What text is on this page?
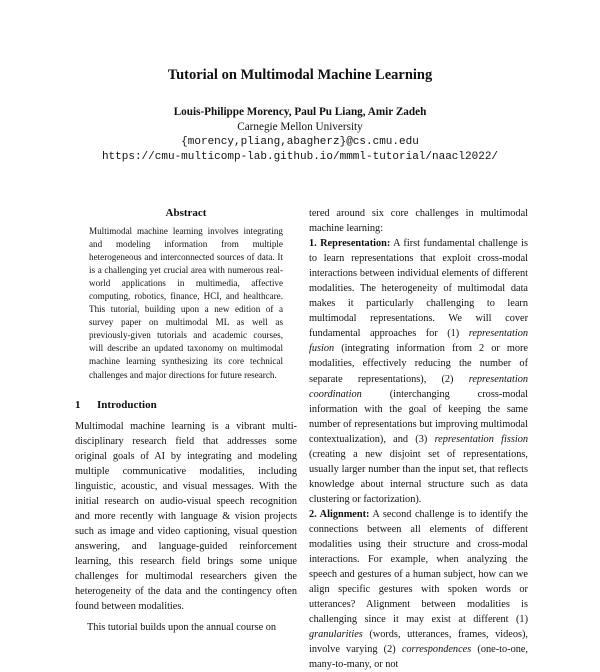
Tutorial on Multimodal Machine Learning
Louis-Philippe Morency, Paul Pu Liang, Amir Zadeh
Carnegie Mellon University
{morency,pliang,abagherz}@cs.cmu.edu
https://cmu-multicomp-lab.github.io/mmml-tutorial/naacl2022/
Abstract

Multimodal machine learning involves integrating and modeling information from multiple heterogeneous and interconnected sources of data. It is a challenging yet crucial area with numerous real-world applications in multimedia, affective computing, robotics, finance, HCI, and healthcare. This tutorial, building upon a new edition of a survey paper on multimodal ML as well as previously-given tutorials and academic courses, will describe an updated taxonomy on multimodal machine learning synthesizing its core technical challenges and major directions for future research.

1 Introduction

Multimodal machine learning is a vibrant multi-disciplinary research field that addresses some original goals of AI by integrating and modeling multiple communicative modalities, including linguistic, acoustic, and visual messages. With the initial research on audio-visual speech recognition and more recently with language & vision projects such as image and video captioning, visual question answering, and language-guided reinforcement learning, this research field brings some unique challenges for multimodal researchers given the heterogeneity of the data and the contingency often found between modalities.

This tutorial builds upon the annual course on

tered around six core challenges in multimodal machine learning:

1. Representation: A first fundamental challenge is to learn representations that exploit cross-modal interactions between individual elements of different modalities. The heterogeneity of multimodal data makes it particularly challenging to learn multimodal representations. We will cover fundamental approaches for (1) representation fusion (integrating information from 2 or more modalities, effectively reducing the number of separate representations), (2) representation coordination	(interchanging cross-modal information with the goal of keeping the same number of representations but improving multimodal contextualization), and (3) representation fission (creating a new disjoint set of representations, usually larger number than the input set, that reflects knowledge about internal structure such as data clustering or factorization).

2. Alignment: A second challenge is to identify the connections between all elements of different modalities using their structure and cross-modal interactions. For example, when analyzing the speech and gestures of a human subject, how can we align specific gestures with spoken words or utterances? Alignment between modalities is challenging since it may exist at different (1) granularities (words, utterances, frames, videos), involve varying (2) correspondences (one-to-one, many-to-many, or not
